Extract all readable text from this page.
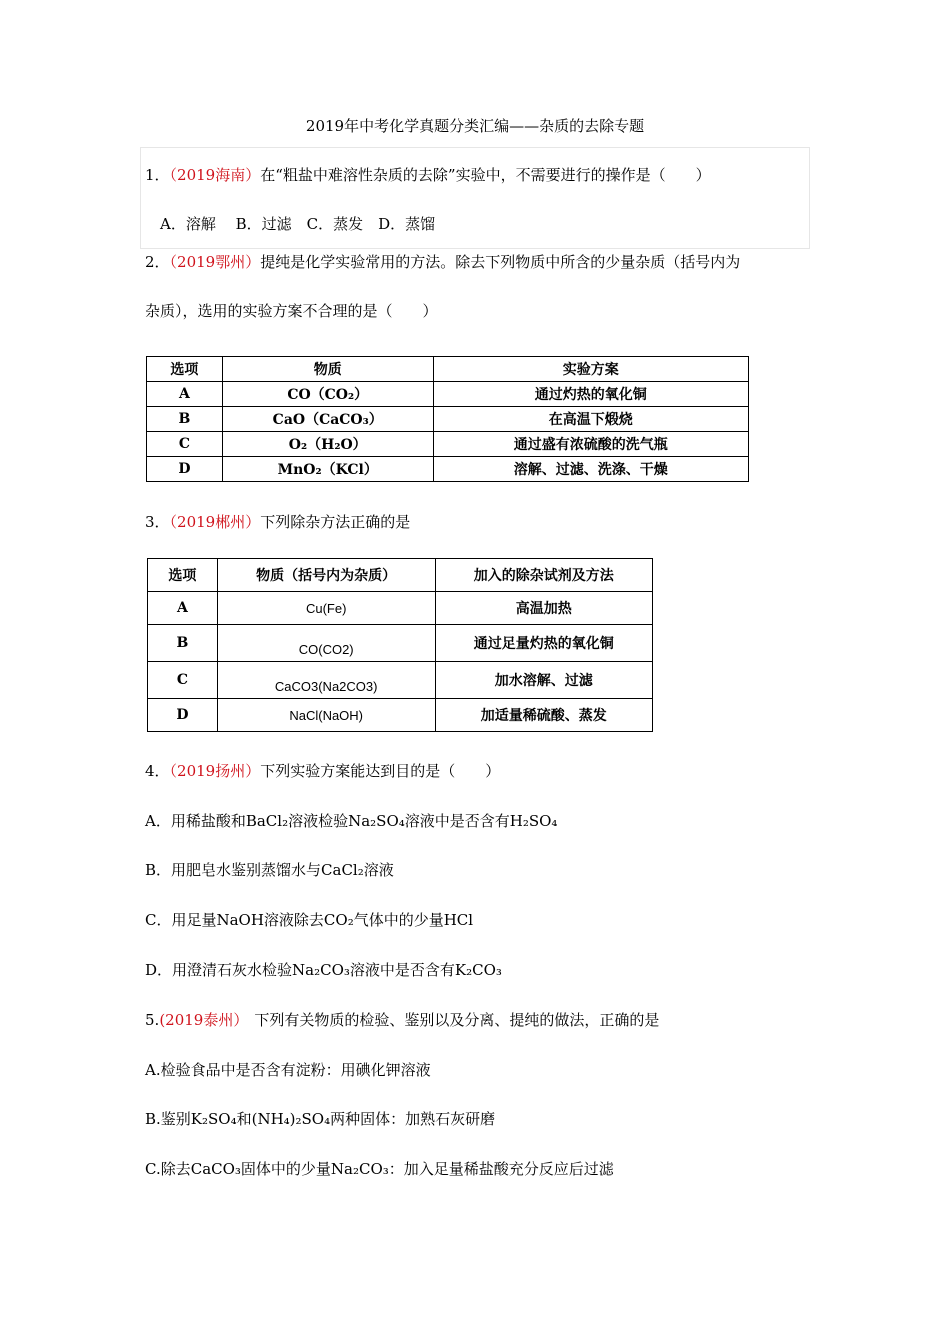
2019年中考化学真题分类汇编——杂质的去除专题
1．（2019海南）在“粗盐中难溶性杂质的去除”实验中，不需要进行的操作是（　　）
A．溶解　 B．过滤　C．蒸发　D．蒸馏
2．（2019鄂州）提纯是化学实验常用的方法。除去下列物质中所含的少量杂质（括号内为
杂质），选用的实验方案不合理的是（　　）
选项	物质	实验方案
A	CO（CO₂）	通过灼热的氧化铜
B	CaO（CaCO₃）	在高温下煅烧
C	O₂（H₂O）	通过盛有浓硫酸的洗气瓶
D	MnO₂（KCl）	溶解、过滤、洗涤、干燥
3．（2019郴州）下列除杂方法正确的是
选项	物质（括号内为杂质）	加入的除杂试剂及方法
A	Cu(Fe)	高温加热
B	CO(CO2)	通过足量灼热的氧化铜
C	CaCO3(Na2CO3)	加水溶解、过滤
D	NaCl(NaOH)	加适量稀硫酸、蒸发
4．（2019扬州）下列实验方案能达到目的是（　　）
A．用稀盐酸和BaCl₂溶液检验Na₂SO₄溶液中是否含有H₂SO₄
B．用肥皂水鉴别蒸馏水与CaCl₂溶液
C．用足量NaOH溶液除去CO₂气体中的少量HCl
D．用澄清石灰水检验Na₂CO₃溶液中是否含有K₂CO₃
5.(2019泰州） 下列有关物质的检验、鉴别以及分离、提纯的做法，正确的是
A.检验食品中是否含有淀粉：用碘化钾溶液
B.鉴别K₂SO₄和(NH₄)₂SO₄两种固体：加熟石灰研磨
C.除去CaCO₃固体中的少量Na₂CO₃：加入足量稀盐酸充分反应后过滤
